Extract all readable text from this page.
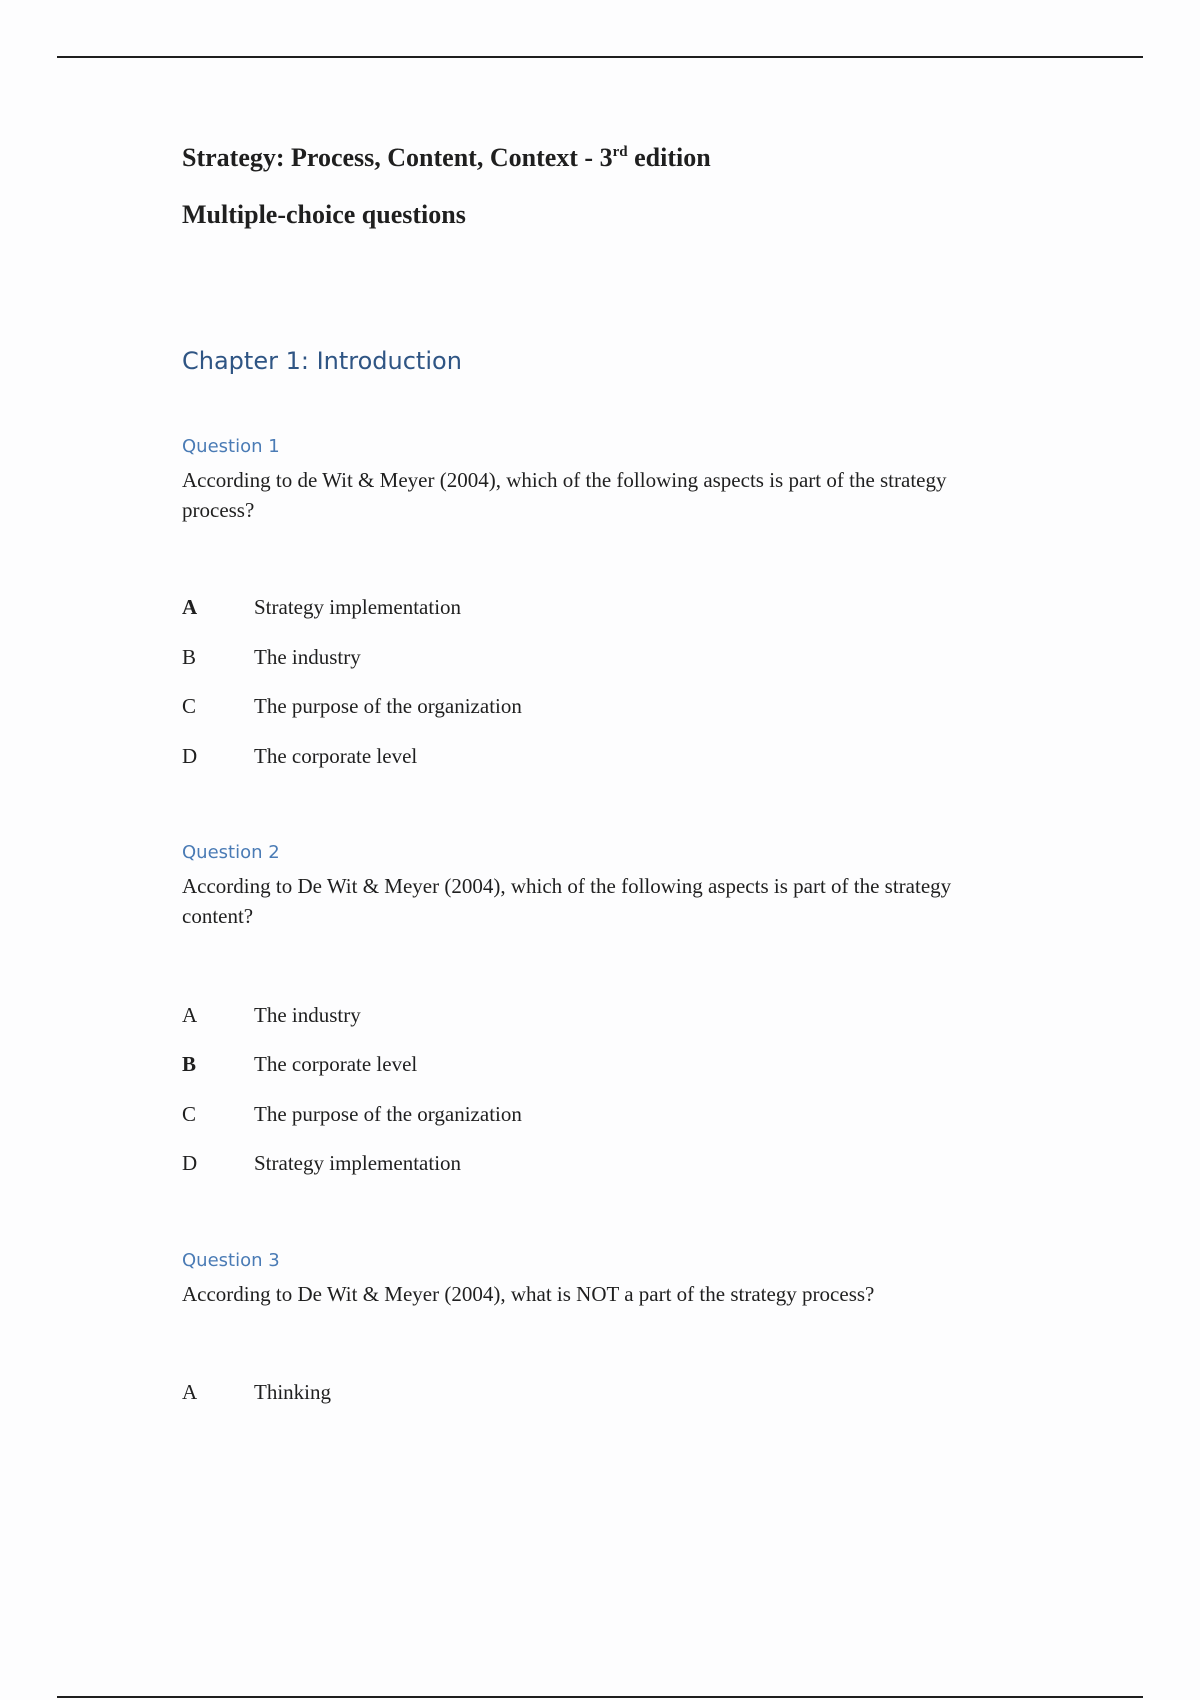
Strategy: Process, Content, Context - 3rd edition
Multiple-choice questions
Chapter 1: Introduction
Question 1

According to de Wit & Meyer (2004), which of the following aspects is part of the strategy process?

A	Strategy implementation
B	The industry
C	The purpose of the organization
D	The corporate level
Question 2

According to De Wit & Meyer (2004), which of the following aspects is part of the strategy content?

A	The industry
B	The corporate level
C	The purpose of the organization
D	Strategy implementation
Question 3

According to De Wit & Meyer (2004), what is NOT a part of the strategy process?

A	Thinking
